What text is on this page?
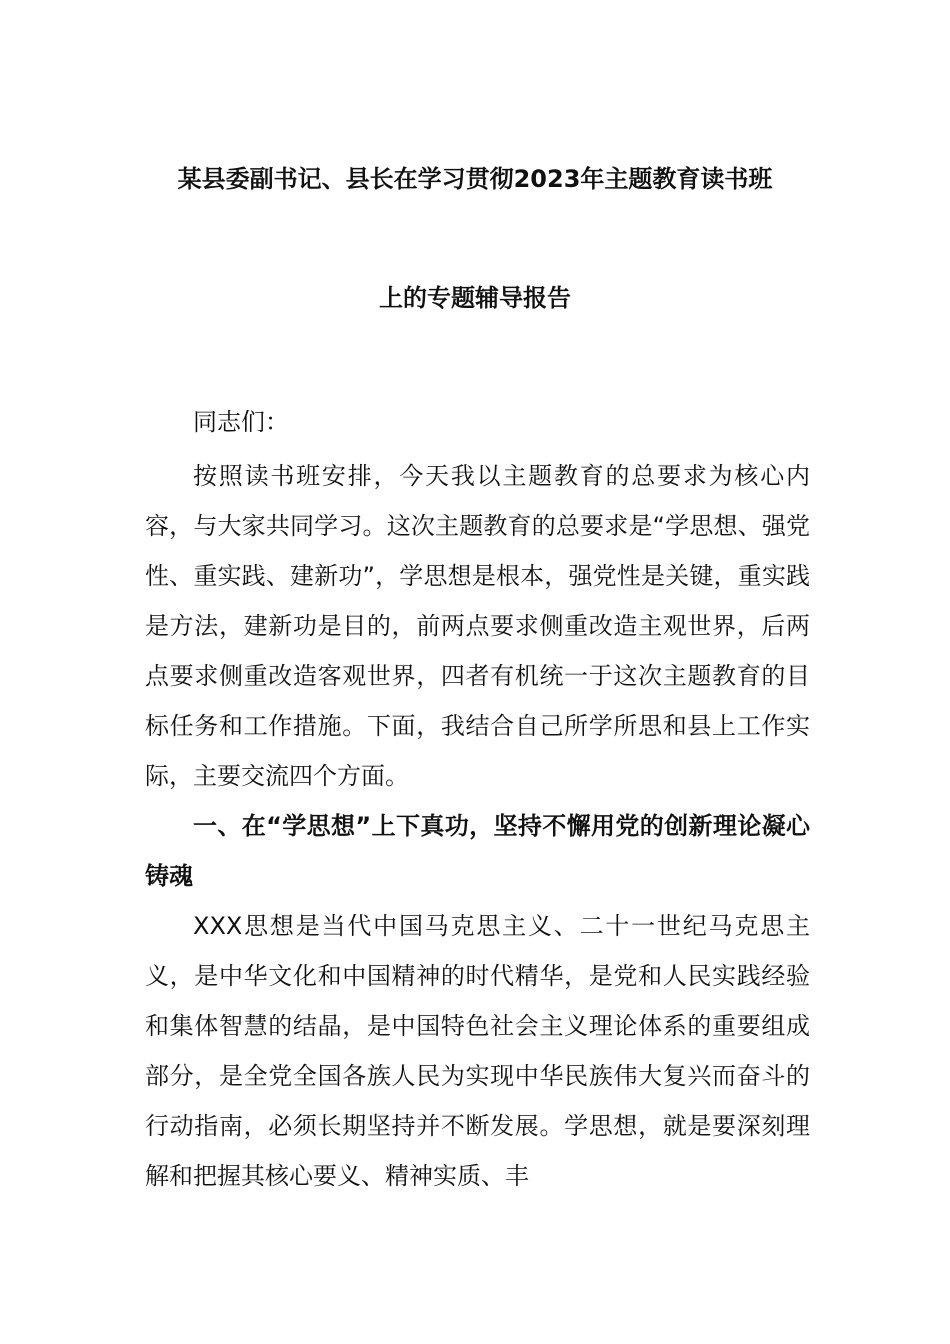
某县委副书记、县长在学习贯彻2023年主题教育读书班
上的专题辅导报告

同志们：

按照读书班安排，今天我以主题教育的总要求为核心内容，与大家共同学习。这次主题教育的总要求是“学思想、强党性、重实践、建新功”，学思想是根本，强党性是关键，重实践是方法，建新功是目的，前两点要求侧重改造主观世界，后两点要求侧重改造客观世界，四者有机统一于这次主题教育的目标任务和工作措施。下面，我结合自己所学所思和县上工作实际，主要交流四个方面。

一、在“学思想”上下真功，坚持不懈用党的创新理论凝心铸魂

XXX思想是当代中国马克思主义、二十一世纪马克思主义，是中华文化和中国精神的时代精华，是党和人民实践经验和集体智慧的结晶，是中国特色社会主义理论体系的重要组成部分，是全党全国各族人民为实现中华民族伟大复兴而奋斗的行动指南，必须长期坚持并不断发展。学思想，就是要深刻理解和把握其核心要义、精神实质、丰
